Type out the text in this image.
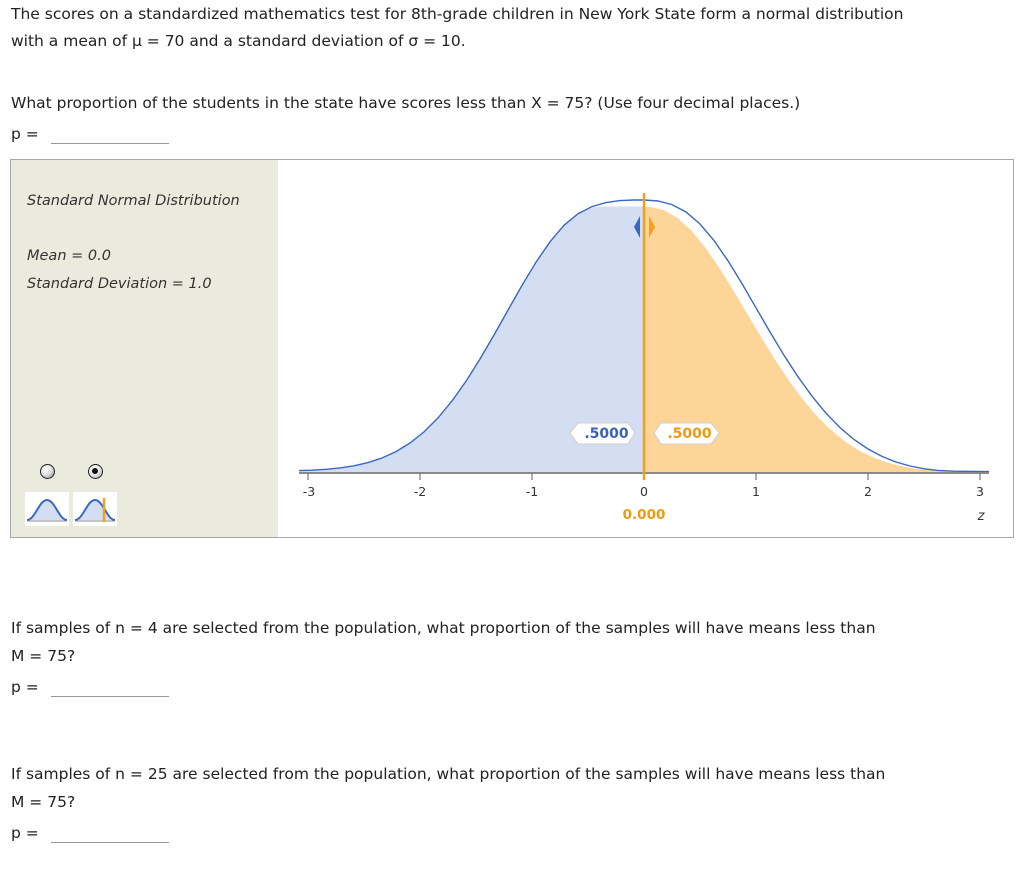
The scores on a standardized mathematics test for 8th-grade children in New York State form a normal distribution
with a mean of μ = 70 and a standard deviation of σ = 10.
What proportion of the students in the state have scores less than X = 75? (Use four decimal places.)
p =
Standard Normal Distribution
Mean = 0.0
Standard Deviation = 1.0
.5000	.5000
-3	-2	-1	0	1	2	3
0.000	z
If samples of n = 4 are selected from the population, what proportion of the samples will have means less than
M = 75?
p =
If samples of n = 25 are selected from the population, what proportion of the samples will have means less than
M = 75?
p =
